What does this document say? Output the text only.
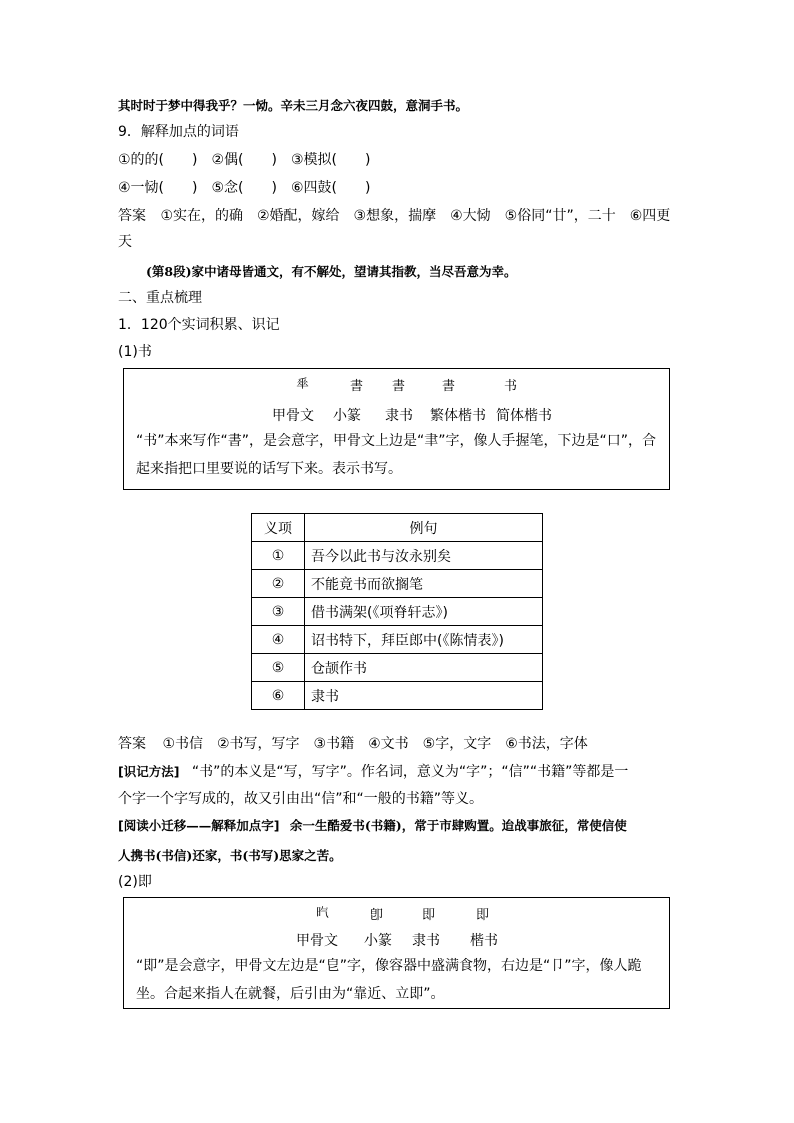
其时时于梦中得我乎？一恸。辛未三月念六夜四鼓，意洞手书。
9．解释加点的词语
①的的(　　)　②偶(　　)　③模拟(　　)
④一恸(　　)　⑤念(　　)　⑥四鼓(　　)
答案 ①实在，的确　②婚配，嫁给　③想象，揣摩　④大恸　⑤俗同“廿”，二十　⑥四更
天
(第8段)家中诸母皆通文，有不解处，望请其指教，当尽吾意为幸。
二、重点梳理
1．120个实词积累、识记
(1)书
𠦬	書 書	書	书
甲骨文 小篆 隶书 繁体楷书 简体楷书
“书”本来写作“書”，是会意字，甲骨文上边是“聿”字，像人手握笔，下边是“口”，合起来指把口里要说的话写下来。表示书写。
义项	例句
①	吾今以此书与汝永别矣
②	不能竟书而欲搁笔
③	借书满架(《项脊轩志》)
④	诏书特下，拜臣郎中(《陈情表》)
⑤	仓颉作书
⑥	隶书
答案 ①书信　②书写，写字　③书籍　④文书　⑤字，文字　⑥书法，字体
[识记方法] “书”的本义是“写，写字”。作名词，意义为“字”；“信”“书籍”等都是一
个字一个字写成的，故又引由出“信”和“一般的书籍”等义。
[阅读小迁移——解释加点字] 余一生酷爱书(书籍)，常于市肆购置。迨战事旅征，常使信使
人携书(书信)还家，书(书写)思家之苦。
(2)即
𣅠	卽	即	即
甲骨文 小篆 隶书 楷书
“即”是会意字，甲骨文左边是“皀”字，像容器中盛满食物，右边是“卩”字，像人跪坐。合起来指人在就餐，后引由为“靠近、立即”。
